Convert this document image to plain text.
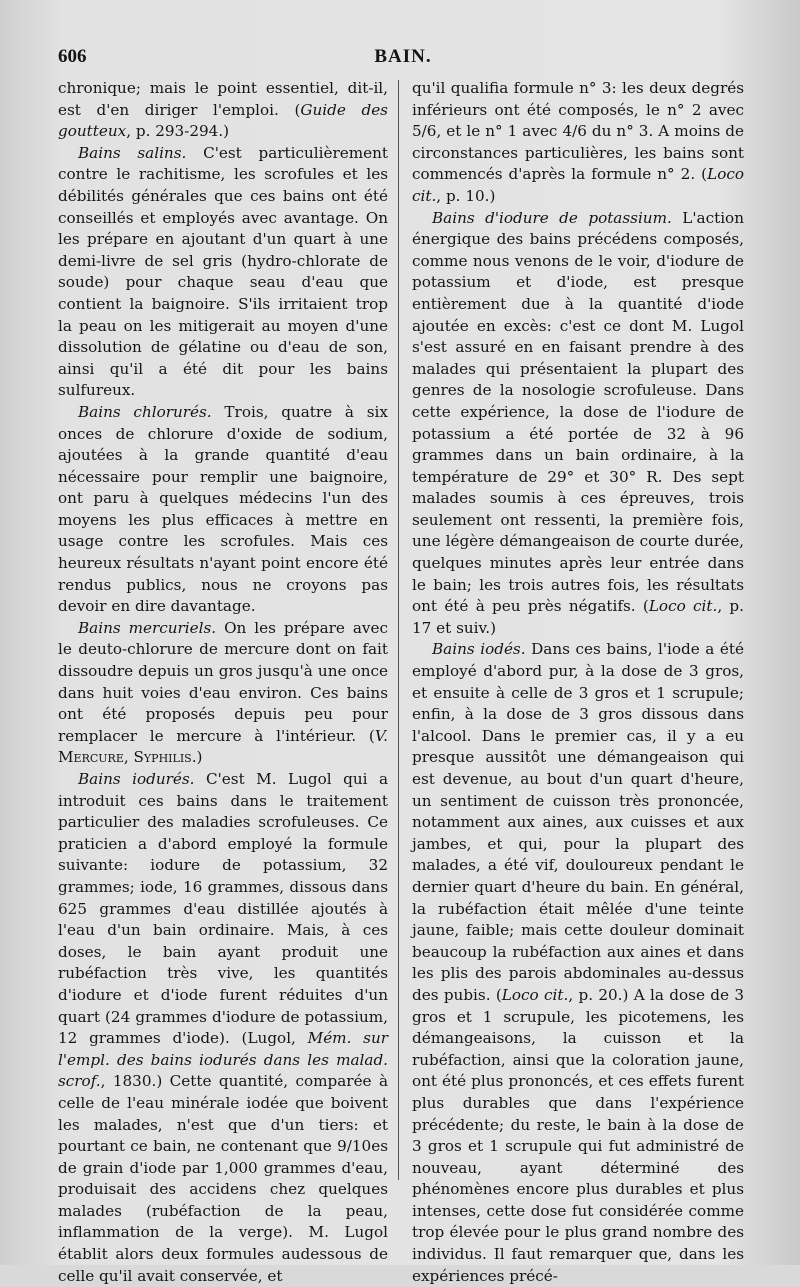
606	BAIN.

chronique; mais le point essentiel, dit-il, est d'en diriger l'emploi. (Guide des goutteux, p. 293-294.)

Bains salins. C'est particulièrement contre le rachitisme, les scrofules et les débilités générales que ces bains ont été conseillés et employés avec avantage. On les prépare en ajoutant d'un quart à une demi-livre de sel gris (hydro-chlorate de soude) pour chaque seau d'eau que contient la baignoire. S'ils irritaient trop la peau on les mitigerait au moyen d'une dissolution de gélatine ou d'eau de son, ainsi qu'il a été dit pour les bains sulfureux.

Bains chlorurés. Trois, quatre à six onces de chlorure d'oxide de sodium, ajoutées à la grande quantité d'eau nécessaire pour remplir une baignoire, ont paru à quelques médecins l'un des moyens les plus efficaces à mettre en usage contre les scrofules. Mais ces heureux résultats n'ayant point encore été rendus publics, nous ne croyons pas devoir en dire davantage.

Bains mercuriels. On les prépare avec le deuto-chlorure de mercure dont on fait dissoudre depuis un gros jusqu'à une once dans huit voies d'eau environ. Ces bains ont été proposés depuis peu pour remplacer le mercure à l'intérieur. (V. Mercure, Syphilis.)

Bains iodurés. C'est M. Lugol qui a introduit ces bains dans le traitement particulier des maladies scrofuleuses. Ce praticien a d'abord employé la formule suivante: iodure de potassium, 32 grammes; iode, 16 grammes, dissous dans 625 grammes d'eau distillée ajoutés à l'eau d'un bain ordinaire. Mais, à ces doses, le bain ayant produit une rubéfaction très vive, les quantités d'iodure et d'iode furent réduites d'un quart (24 grammes d'iodure de potassium, 12 grammes d'iode). (Lugol, Mém. sur l'empl. des bains iodurés dans les malad. scrof., 1830.) Cette quantité, comparée à celle de l'eau minérale iodée que boivent les malades, n'est que d'un tiers: et pourtant ce bain, ne contenant que 9/10es de grain d'iode par 1,000 grammes d'eau, produisait des accidens chez quelques malades (rubéfaction de la peau, inflammation de la verge). M. Lugol établit alors deux formules audessous de celle qu'il avait conservée, et

qu'il qualifia formule n° 3: les deux degrés inférieurs ont été composés, le n° 2 avec 5/6, et le n° 1 avec 4/6 du n° 3. A moins de circonstances particulières, les bains sont commencés d'après la formule n° 2. (Loco cit., p. 10.)

Bains d'iodure de potassium. L'action énergique des bains précédens composés, comme nous venons de le voir, d'iodure de potassium et d'iode, est presque entièrement due à la quantité d'iode ajoutée en excès: c'est ce dont M. Lugol s'est assuré en en faisant prendre à des malades qui présentaient la plupart des genres de la nosologie scrofuleuse. Dans cette expérience, la dose de l'iodure de potassium a été portée de 32 à 96 grammes dans un bain ordinaire, à la température de 29° et 30° R. Des sept malades soumis à ces épreuves, trois seulement ont ressenti, la première fois, une légère démangeaison de courte durée, quelques minutes après leur entrée dans le bain; les trois autres fois, les résultats ont été à peu près négatifs. (Loco cit., p. 17 et suiv.)

Bains iodés. Dans ces bains, l'iode a été employé d'abord pur, à la dose de 3 gros, et ensuite à celle de 3 gros et 1 scrupule; enfin, à la dose de 3 gros dissous dans l'alcool. Dans le premier cas, il y a eu presque aussitôt une démangeaison qui est devenue, au bout d'un quart d'heure, un sentiment de cuisson très prononcée, notamment aux aines, aux cuisses et aux jambes, et qui, pour la plupart des malades, a été vif, douloureux pendant le dernier quart d'heure du bain. En général, la rubéfaction était mêlée d'une teinte jaune, faible; mais cette douleur dominait beaucoup la rubéfaction aux aines et dans les plis des parois abdominales au-dessus des pubis. (Loco cit., p. 20.) A la dose de 3 gros et 1 scrupule, les picotemens, les démangeaisons, la cuisson et la rubéfaction, ainsi que la coloration jaune, ont été plus prononcés, et ces effets furent plus durables que dans l'expérience précédente; du reste, le bain à la dose de 3 gros et 1 scrupule qui fut administré de nouveau, ayant déterminé des phénomènes encore plus durables et plus intenses, cette dose fut considérée comme trop élevée pour le plus grand nombre des individus. Il faut remarquer que, dans les expériences précé-
